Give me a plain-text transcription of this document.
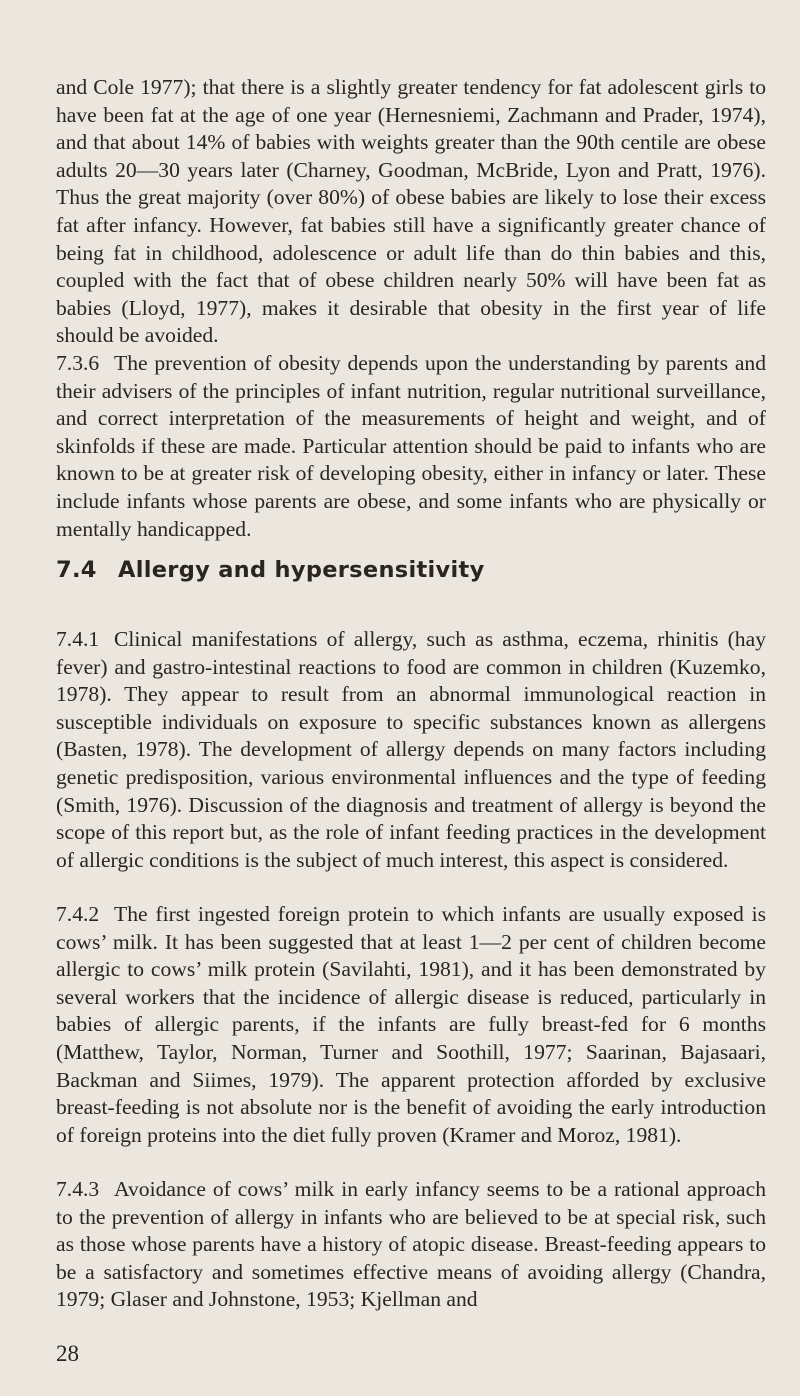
and Cole 1977); that there is a slightly greater tendency for fat adolescent girls to have been fat at the age of one year (Hernesniemi, Zachmann and Prader, 1974), and that about 14% of babies with weights greater than the 90th centile are obese adults 20—30 years later (Charney, Goodman, McBride, Lyon and Pratt, 1976). Thus the great majority (over 80%) of obese babies are likely to lose their excess fat after infancy. However, fat babies still have a significantly greater chance of being fat in childhood, adolescence or adult life than do thin babies and this, coupled with the fact that of obese children nearly 50% will have been fat as babies (Lloyd, 1977), makes it desirable that obesity in the first year of life should be avoided.

7.3.6 The prevention of obesity depends upon the understanding by parents and their advisers of the principles of infant nutrition, regular nutritional surveillance, and correct interpretation of the measurements of height and weight, and of skinfolds if these are made. Particular attention should be paid to infants who are known to be at greater risk of developing obesity, either in infancy or later. These include infants whose parents are obese, and some infants who are physically or mentally handicapped.

7.4 Allergy and hypersensitivity

7.4.1 Clinical manifestations of allergy, such as asthma, eczema, rhinitis (hay fever) and gastro-intestinal reactions to food are common in children (Kuzemko, 1978). They appear to result from an abnormal immunological reaction in susceptible individuals on exposure to specific substances known as allergens (Basten, 1978). The development of allergy depends on many factors including genetic predisposition, various environmental influences and the type of feeding (Smith, 1976). Discussion of the diagnosis and treatment of allergy is beyond the scope of this report but, as the role of infant feeding practices in the development of allergic conditions is the subject of much interest, this aspect is considered.

7.4.2 The first ingested foreign protein to which infants are usually exposed is cows’ milk. It has been suggested that at least 1—2 per cent of children become allergic to cows’ milk protein (Savilahti, 1981), and it has been demonstrated by several workers that the incidence of allergic disease is reduced, particularly in babies of allergic parents, if the infants are fully breast-fed for 6 months (Matthew, Taylor, Norman, Turner and Soothill, 1977; Saarinan, Bajasaari, Backman and Siimes, 1979). The apparent protection afforded by exclusive breast-feeding is not absolute nor is the benefit of avoiding the early introduction of foreign proteins into the diet fully proven (Kramer and Moroz, 1981).

7.4.3 Avoidance of cows’ milk in early infancy seems to be a rational approach to the prevention of allergy in infants who are believed to be at special risk, such as those whose parents have a history of atopic disease. Breast-feeding appears to be a satisfactory and sometimes effective means of avoiding allergy (Chandra, 1979; Glaser and Johnstone, 1953; Kjellman and

28
